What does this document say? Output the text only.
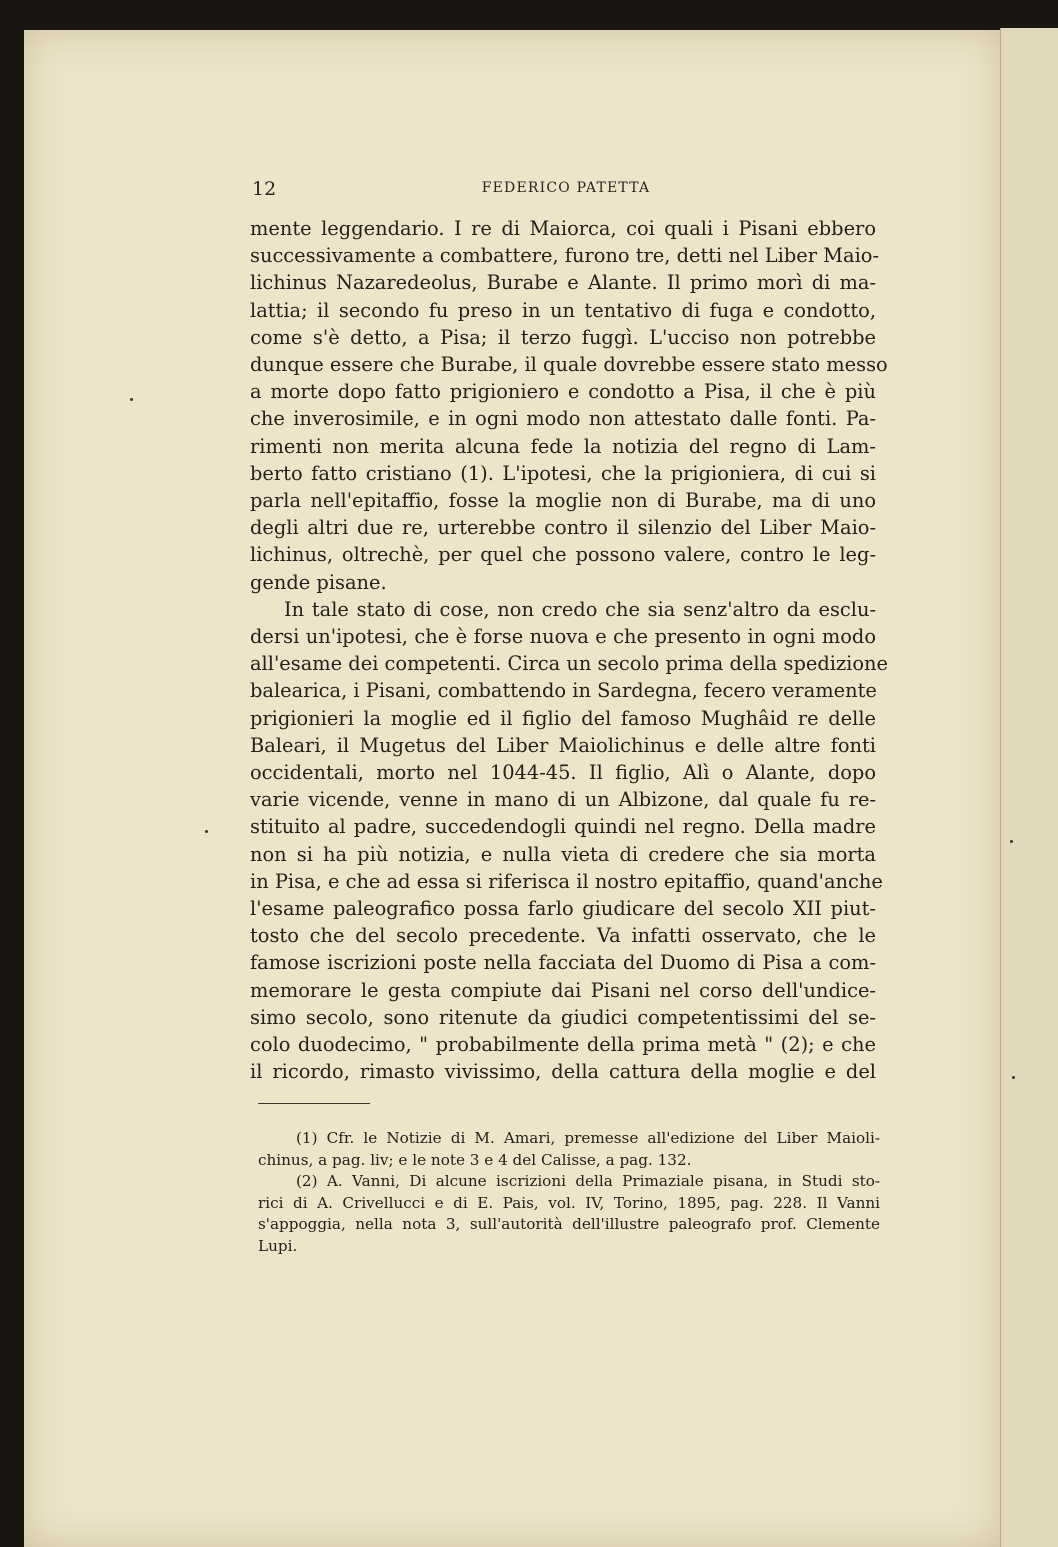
12	FEDERICO PATETTA
mente leggendario. I re di Maiorca, coi quali i Pisani ebbero
successivamente a combattere, furono tre, detti nel Liber Maio-
lichinus Nazaredeolus, Burabe e Alante. Il primo morì di ma-
lattia; il secondo fu preso in un tentativo di fuga e condotto,
come s'è detto, a Pisa; il terzo fuggì. L'ucciso non potrebbe
dunque essere che Burabe, il quale dovrebbe essere stato messo
a morte dopo fatto prigioniero e condotto a Pisa, il che è più
che inverosimile, e in ogni modo non attestato dalle fonti. Pa-
rimenti non merita alcuna fede la notizia del regno di Lam-
berto fatto cristiano (1). L'ipotesi, che la prigioniera, di cui si
parla nell'epitaffio, fosse la moglie non di Burabe, ma di uno
degli altri due re, urterebbe contro il silenzio del Liber Maio-
lichinus, oltrechè, per quel che possono valere, contro le leg-
gende pisane.
In tale stato di cose, non credo che sia senz'altro da esclu-
dersi un'ipotesi, che è forse nuova e che presento in ogni modo
all'esame dei competenti. Circa un secolo prima della spedizione
balearica, i Pisani, combattendo in Sardegna, fecero veramente
prigionieri la moglie ed il figlio del famoso Mughâid re delle
Baleari, il Mugetus del Liber Maiolichinus e delle altre fonti
occidentali, morto nel 1044-45. Il figlio, Alì o Alante, dopo
varie vicende, venne in mano di un Albizone, dal quale fu re-
stituito al padre, succedendogli quindi nel regno. Della madre
non si ha più notizia, e nulla vieta di credere che sia morta
in Pisa, e che ad essa si riferisca il nostro epitaffio, quand'anche
l'esame paleografico possa farlo giudicare del secolo XII piut-
tosto che del secolo precedente. Va infatti osservato, che le
famose iscrizioni poste nella facciata del Duomo di Pisa a com-
memorare le gesta compiute dai Pisani nel corso dell'undice-
simo secolo, sono ritenute da giudici competentissimi del se-
colo duodecimo, " probabilmente della prima metà " (2); e che
il ricordo, rimasto vivissimo, della cattura della moglie e del
(1) Cfr. le Notizie di M. Amari, premesse all'edizione del Liber Maioli-
chinus, a pag. liv; e le note 3 e 4 del Calisse, a pag. 132.
(2) A. Vanni, Di alcune iscrizioni della Primaziale pisana, in Studi sto-
rici di A. Crivellucci e di E. Pais, vol. IV, Torino, 1895, pag. 228. Il Vanni
s'appoggia, nella nota 3, sull'autorità dell'illustre paleografo prof. Clemente
Lupi.
